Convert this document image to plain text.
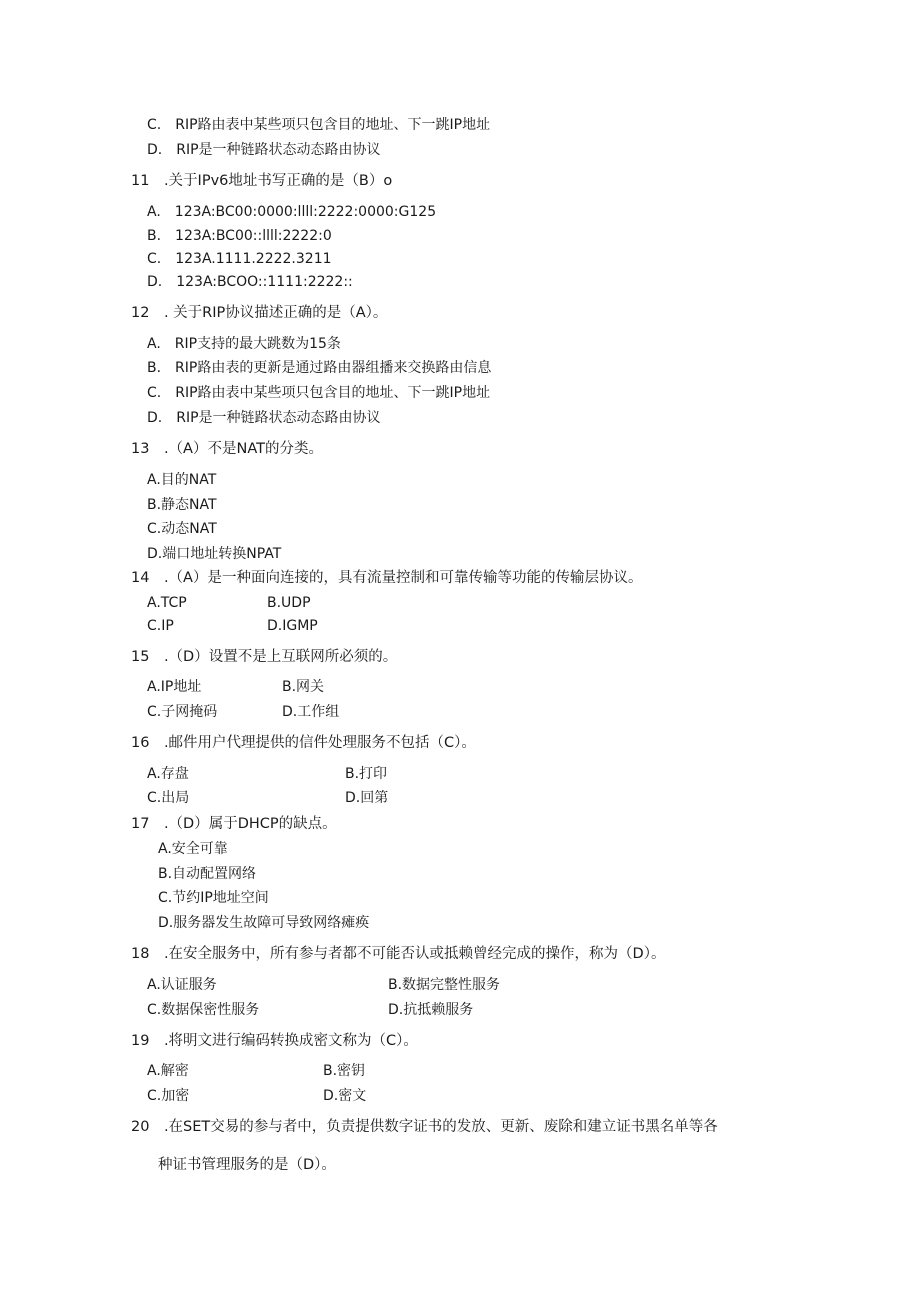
C.　RIP路由表中某些项只包含目的地址、下一跳IP地址
D.　RIP是一种链路状态动态路由协议
11　.关于IPv6地址书写正确的是（B）o
A.　123A:BC00:0000:llll:2222:0000:G125
B.　123A:BC00::llll:2222:0
C.　123A.1111.2222.3211
D.　123A:BCOO::1111:2222::
12　. 关于RIP协议描述正确的是（A）。
A.　RIP支持的最大跳数为15条
B.　RIP路由表的更新是通过路由器组播来交换路由信息
C.　RIP路由表中某些项只包含目的地址、下一跳IP地址
D.　RIP是一种链路状态动态路由协议
13　.（A）不是NAT的分类。
A.目的NAT
B.静态NAT
C.动态NAT
D.端口地址转换NPAT
14　.（A）是一种面向连接的，具有流量控制和可靠传输等功能的传输层协议。
A.TCP	B.UDP
C.IP	D.IGMP
15　.（D）设置不是上互联网所必须的。
A.IP地址	B.网关
C.子网掩码	D.工作组
16　.邮件用户代理提供的信件处理服务不包括（C）。
A.存盘	B.打印
C.出局	D.回第
17　.（D）属于DHCP的缺点。
A.安全可靠
B.自动配置网络
C.节约IP地址空间
D.服务器发生故障可导致网络瘫痪
18　.在安全服务中，所有参与者都不可能否认或抵赖曾经完成的操作，称为（D）。
A.认证服务	B.数据完整性服务
C.数据保密性服务	D.抗抵赖服务
19　.将明文进行编码转换成密文称为（C）。
A.解密	B.密钥
C.加密	D.密文
20　.在SET交易的参与者中，负责提供数字证书的发放、更新、废除和建立证书黑名单等各
种证书管理服务的是（D）。
